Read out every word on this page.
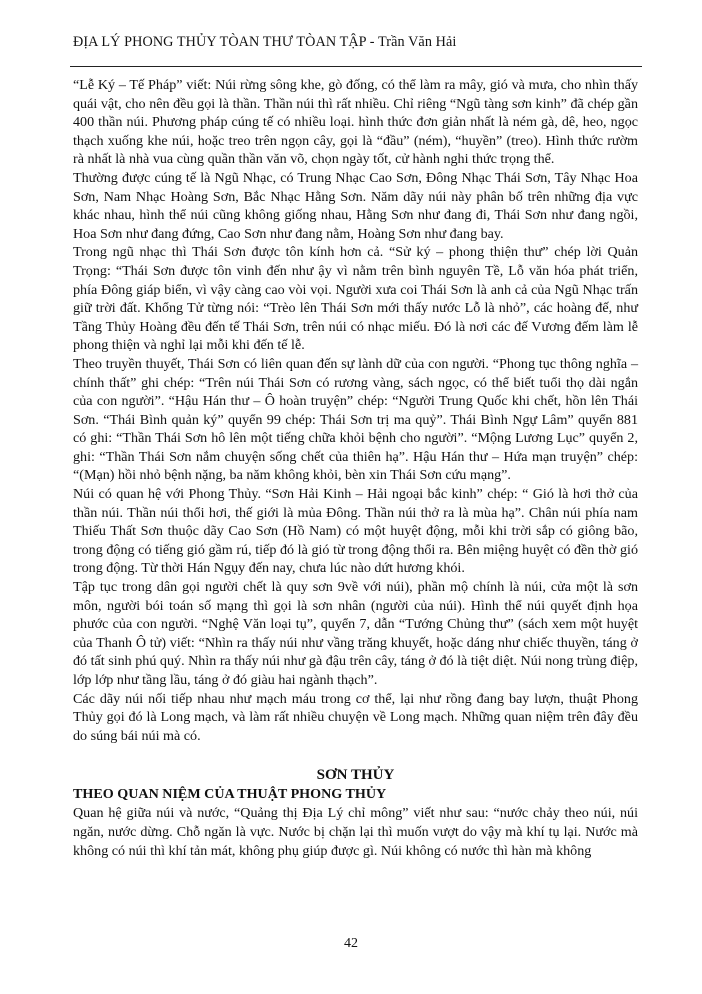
ĐỊA LÝ PHONG THỦY TÒAN THƯ TÒAN TẬP - Trần Văn Hải

“Lễ Ký – Tế Pháp” viết: Núi rừng sông khe, gò đống, có thể làm ra mây, gió và mưa, cho nhìn thấy quái vật, cho nên đều gọi là thần. Thần núi thì rất nhiều. Chỉ riêng “Ngũ tàng sơn kinh” đã chép gần 400 thần núi. Phương pháp cúng tế có nhiều loại. hình thức đơn giản nhất là ném gà, dê, heo, ngọc thạch xuống khe núi, hoặc treo trên ngọn cây, gọi là “đầu” (ném), “huyền” (treo). Hình thức rườm rà nhất là nhà vua cùng quần thần văn võ, chọn ngày tốt, cử hành nghi thức trọng thể.

Thường được cúng tế là Ngũ Nhạc, có Trung Nhạc Cao Sơn, Đông Nhạc Thái Sơn, Tây Nhạc Hoa Sơn, Nam Nhạc Hoàng Sơn, Bắc Nhạc Hằng Sơn. Năm dãy núi này phân bố trên những địa vực khác nhau, hình thể núi cũng không giống nhau, Hằng Sơn như đang đi, Thái Sơn như đang ngồi, Hoa Sơn như đang đứng, Cao Sơn như đang nằm, Hoàng Sơn như đang bay.

Trong ngũ nhạc thì Thái Sơn được tôn kính hơn cả. “Sử ký – phong thiện thư” chép lời Quản Trọng: “Thái Sơn được tôn vinh đến như ậy vì nằm trên bình nguyên Tề, Lỗ văn hóa phát triển, phía Đông giáp biển, vì vậy càng cao vòi vọi. Người xưa coi Thái Sơn là anh cả của Ngũ Nhạc trấn giữ trời đất. Khổng Tử từng nói: “Trèo lên Thái Sơn mới thấy nước Lỗ là nhỏ”, các hoàng đế, như Tầng Thủy Hoàng đều đến tế Thái Sơn, trên núi có nhạc miếu. Đó là nơi các đế Vương đếm làm lễ phong thiện và nghỉ lại mỗi khi đến tế lễ.

Theo truyền thuyết, Thái Sơn có liên quan đến sự lành dữ của con người. “Phong tục thông nghĩa – chính thất” ghi chép: “Trên núi Thái Sơn có rương vàng, sách ngọc, có thể biết tuổi thọ dài ngắn của con người”. “Hậu Hán thư – Ô hoàn truyện” chép: “Người Trung Quốc khi chết, hồn lên Thái Sơn. “Thái Bình quản ký” quyển 99 chép: Thái Sơn trị ma quỷ”. Thái Bình Ngự Lâm” quyển 881 có ghi: “Thần Thái Sơn hô lên một tiếng chữa khỏi bệnh cho người”. “Mộng Lương Lục” quyển 2, ghi: “Thần Thái Sơn nắm chuyện sống chết của thiên hạ”. Hậu Hán thư – Hứa mạn truyện” chép: “(Mạn) hồi nhỏ bệnh nặng, ba năm không khỏi, bèn xin Thái Sơn cứu mạng”.

Núi có quan hệ với Phong Thủy. “Sơn Hải Kinh – Hải ngoại bắc kinh” chép: “ Gió là hơi thở của thần núi. Thần núi thổi hơi, thế giới là mủa Đông. Thần núi thở ra là mùa hạ”. Chân núi phía nam Thiếu Thất Sơn thuộc dãy Cao Sơn (Hồ Nam) có một huyệt động, mỗi khi trời sắp có giông bão, trong động có tiếng gió gầm rú, tiếp đó là gió từ trong động thổi ra. Bên miệng huyệt có đền thờ gió trong động. Từ thời Hán Ngụy đến nay, chưa lúc nào dứt hương khói.

Tập tục trong dân gọi người chết là quy sơn 9về với núi), phần mộ chính là núi, cửa một là sơn môn, người bói toán số mạng thì gọi là sơn nhân (người của núi). Hình thể núi quyết định họa phước của con người. “Nghệ Văn loại tụ”, quyển 7, dẫn “Tướng Chủng thư” (sách xem một huyệt của Thanh Ô tử) viết: “Nhìn ra thấy núi như vầng trăng khuyết, hoặc dáng như chiếc thuyền, táng ở đó tất sinh phú quý. Nhìn ra thấy núi như gà đậu trên cây, táng ở đó là tiệt diệt. Núi nong trùng điệp, lớp lớp như tầng lầu, táng ở đó giàu hai ngành thạch”.

Các dãy núi nối tiếp nhau như mạch máu trong cơ thể, lại như rồng đang bay lượn, thuật Phong Thủy gọi đó là Long mạch, và làm rất nhiều chuyện về Long mạch. Những quan niệm trên đây đều do súng bái núi mà có.

SƠN THỦY

THEO QUAN NIỆM CỦA THUẬT PHONG THỦY

Quan hệ giữa núi và nước, “Quảng thị Địa Lý chỉ mông” viết như sau: “nước chảy theo núi, núi ngăn, nước dừng. Chỗ ngăn là vực. Nước bị chặn lại thì muốn vượt do vậy mà khí tụ lại. Nước mà không có núi thì khí tản mát, không phụ giúp được gì. Núi không có nước thì hàn mà không

42
